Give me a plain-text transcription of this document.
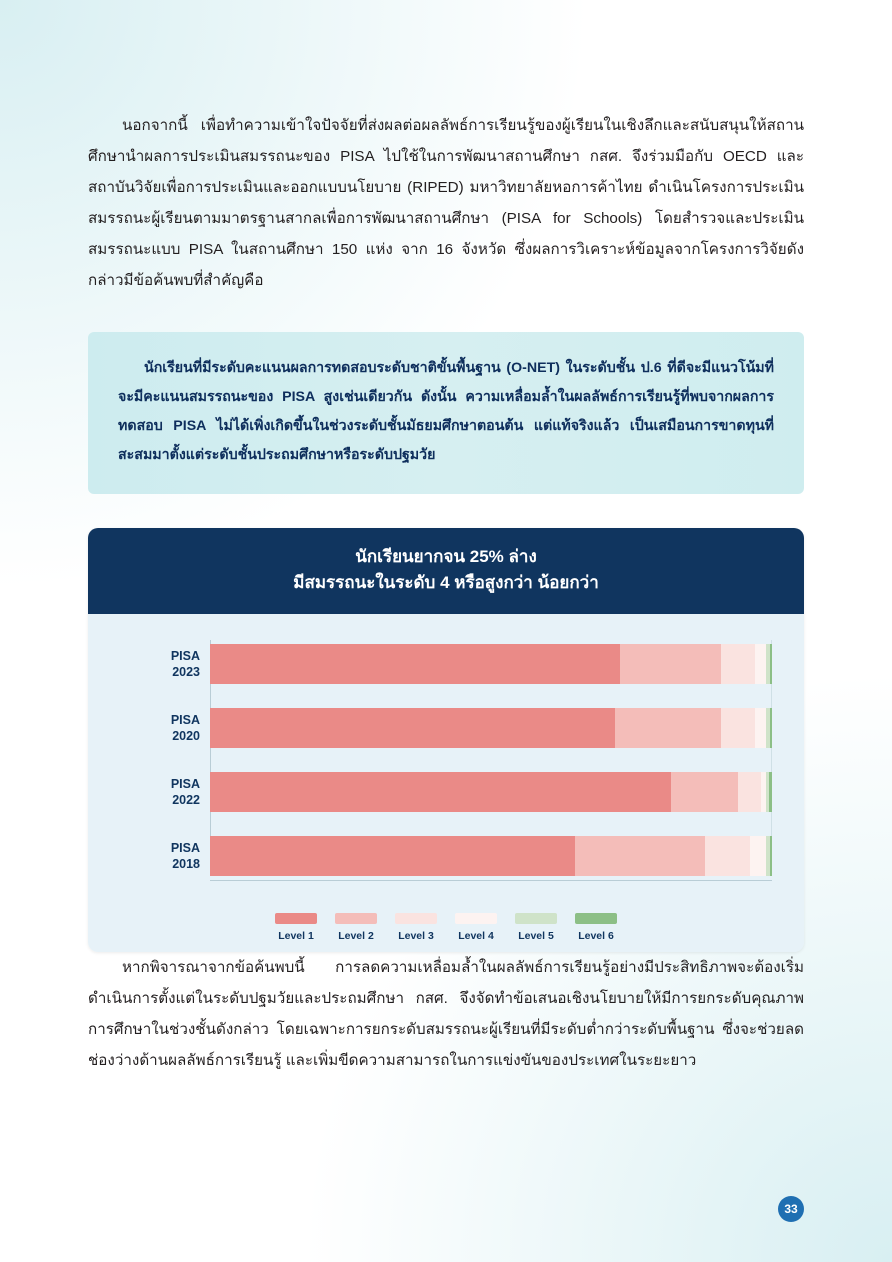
นอกจากนี้ เพื่อทำความเข้าใจปัจจัยที่ส่งผลต่อผลลัพธ์การเรียนรู้ของผู้เรียนในเชิงลึกและสนับสนุนให้สถานศึกษานำผลการประเมินสมรรถนะของ PISA ไปใช้ในการพัฒนาสถานศึกษา กสศ. จึงร่วมมือกับ OECD และสถาบันวิจัยเพื่อการประเมินและออกแบบนโยบาย (RIPED) มหาวิทยาลัยหอการค้าไทย ดำเนินโครงการประเมินสมรรถนะผู้เรียนตามมาตรฐานสากลเพื่อการพัฒนาสถานศึกษา (PISA for Schools) โดยสำรวจและประเมินสมรรถนะแบบ PISA ในสถานศึกษา 150 แห่ง จาก 16 จังหวัด ซึ่งผลการวิเคราะห์ข้อมูลจากโครงการวิจัยดังกล่าวมีข้อค้นพบที่สำคัญคือ

นักเรียนที่มีระดับคะแนนผลการทดสอบระดับชาติขั้นพื้นฐาน (O-NET) ในระดับชั้น ป.6 ที่ดีจะมีแนวโน้มที่จะมีคะแนนสมรรถนะของ PISA สูงเช่นเดียวกัน ดังนั้น ความเหลื่อมล้ำในผลลัพธ์การเรียนรู้ที่พบจากผลการทดสอบ PISA ไม่ได้เพิ่งเกิดขึ้นในช่วงระดับชั้นมัธยมศึกษาตอนต้น แต่แท้จริงแล้ว เป็นเสมือนการขาดทุนที่สะสมมาตั้งแต่ระดับชั้นประถมศึกษาหรือระดับปฐมวัย

นักเรียนยากจน 25% ล่าง
มีสมรรถนะในระดับ 4 หรือสูงกว่า น้อยกว่า
PISA
2023
PISA
2020
PISA
2022
PISA
2018
Level 1 Level 2 Level 3 Level 4 Level 5 Level 6

หากพิจารณาจากข้อค้นพบนี้ การลดความเหลื่อมล้ำในผลลัพธ์การเรียนรู้อย่างมีประสิทธิภาพจะต้องเริ่มดำเนินการตั้งแต่ในระดับปฐมวัยและประถมศึกษา กสศ. จึงจัดทำข้อเสนอเชิงนโยบายให้มีการยกระดับคุณภาพการศึกษาในช่วงชั้นดังกล่าว โดยเฉพาะการยกระดับสมรรถนะผู้เรียนที่มีระดับต่ำกว่าระดับพื้นฐาน ซึ่งจะช่วยลดช่องว่างด้านผลลัพธ์การเรียนรู้ และเพิ่มขีดความสามารถในการแข่งขันของประเทศในระยะยาว

33
